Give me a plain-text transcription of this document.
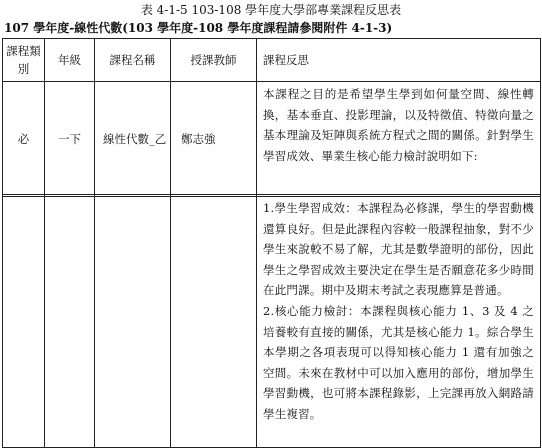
表 4-1-5 103-108 學年度大學部專業課程反思表
107 學年度-線性代數(103 學年度-108 學年度課程請參閱附件 4-1-3)
課程類別	年級	課程名稱	授課教師	課程反思
必	一下	線性代數_乙	鄭志強	本課程之目的是希望學生學到如何量空間、線性轉換，基本垂直、投影理論，以及特徵值、特徵向量之基本理論及矩陣與系統方程式之間的關係。針對學生學習成效、畢業生核心能力檢討說明如下:

1.學生學習成效：本課程為必修課，學生的學習動機還算良好。但是此課程內容較一般課程抽象，對不少學生來說較不易了解，尤其是數學證明的部份，因此學生之學習成效主要決定在學生是否願意花多少時間在此門課。期中及期末考試之表現應算是普通。

2.核心能力檢討：本課程與核心能力 1、3 及 4 之培養較有直接的關係，尤其是核心能力 1。綜合學生本學期之各項表現可以得知核心能力 1 還有加強之空間。未來在教材中可以加入應用的部份，增加學生學習動機，也可將本課程錄影，上完課再放入網路請學生複習。
